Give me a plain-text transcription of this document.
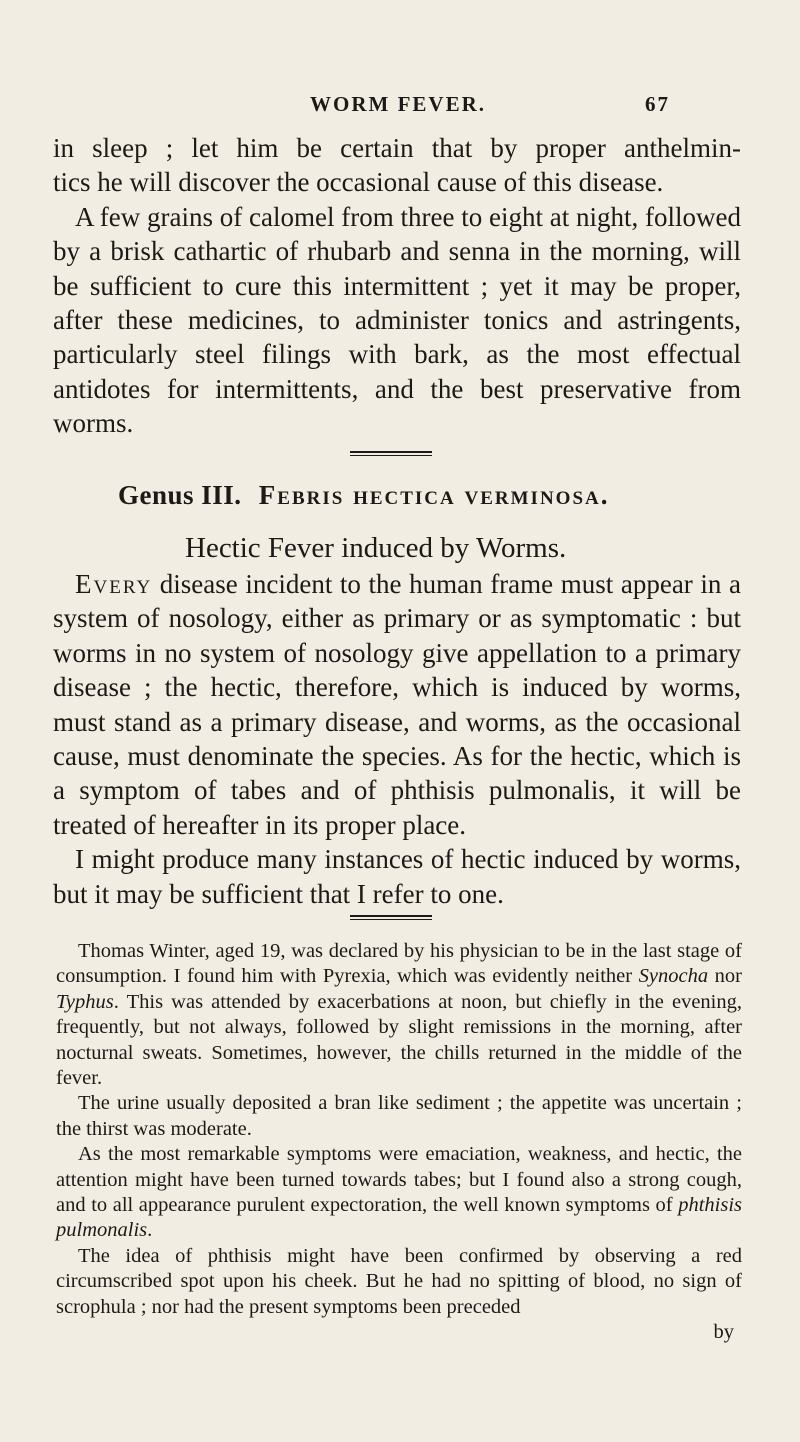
WORM FEVER.	67

in sleep ; let him be certain that by proper anthelmin-

tics he will discover the occasional cause of this disease.

A few grains of calomel from three to eight at night, followed by a brisk cathartic of rhubarb and senna in the morning, will be sufficient to cure this intermittent ; yet it may be proper, after these medicines, to administer tonics and astringents, particularly steel filings with bark, as the most effectual antidotes for intermittents, and the best preservative from worms.

Genus III. Febris hectica verminosa.
Hectic Fever induced by Worms.

Every disease incident to the human frame must appear in a system of nosology, either as primary or as symptomatic : but worms in no system of nosology give appellation to a primary disease ; the hectic, therefore, which is induced by worms, must stand as a primary disease, and worms, as the occasional cause, must denominate the species. As for the hectic, which is a symptom of tabes and of phthisis pulmonalis, it will be treated of hereafter in its proper place.

I might produce many instances of hectic induced by worms, but it may be sufficient that I refer to one.

Thomas Winter, aged 19, was declared by his physician to be in the last stage of consumption. I found him with Pyrexia, which was evidently neither Synocha nor Typhus. This was attended by exacerbations at noon, but chiefly in the evening, frequently, but not always, followed by slight remissions in the morning, after nocturnal sweats. Sometimes, however, the chills returned in the middle of the fever.

The urine usually deposited a bran like sediment ; the appetite was uncertain ; the thirst was moderate.

As the most remarkable symptoms were emaciation, weakness, and hectic, the attention might have been turned towards tabes; but I found also a strong cough, and to all appearance purulent expectoration, the well known symptoms of phthisis pulmonalis.

The idea of phthisis might have been confirmed by observing a red circumscribed spot upon his cheek. But he had no spitting of blood, no sign of scrophula ; nor had the present symptoms been preceded

by
